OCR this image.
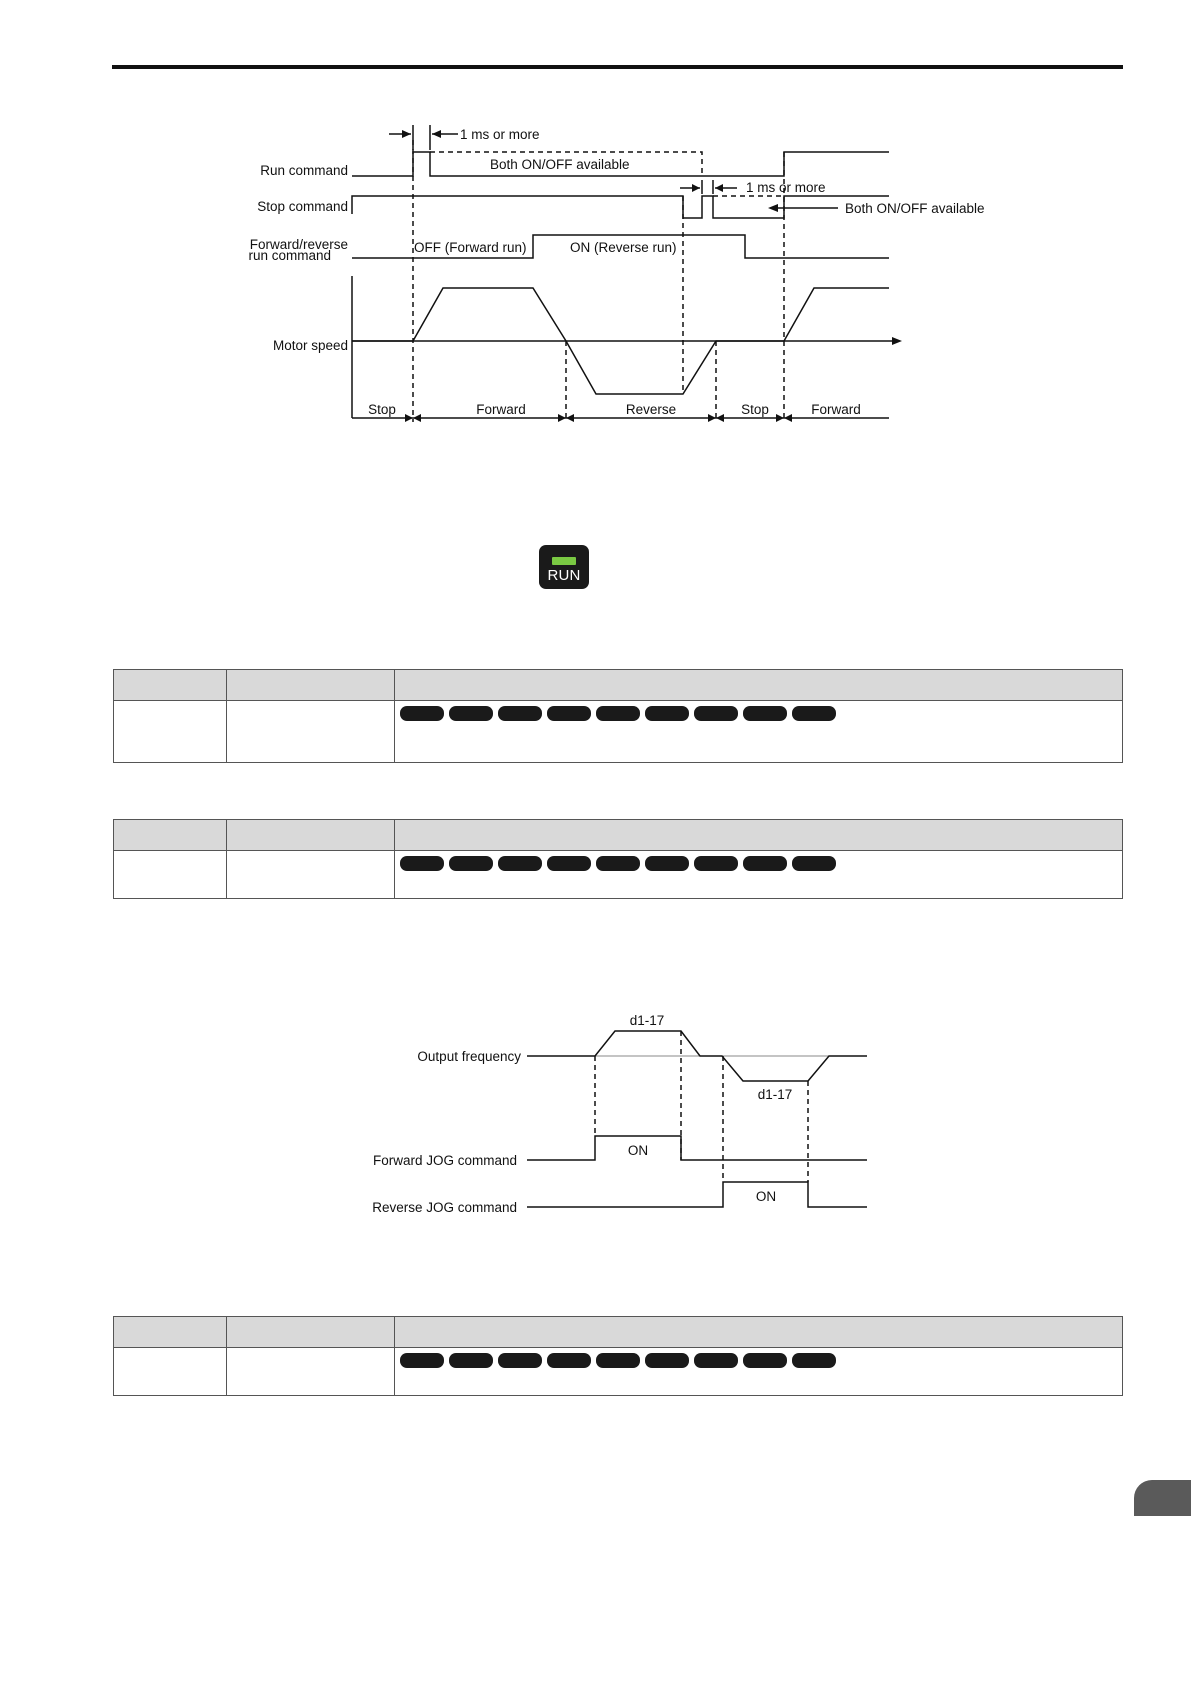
Run command
Stop command
Forward/reverse
run command
Motor speed
1 ms or more
1 ms or more
Both ON/OFF available
Both ON/OFF available
OFF (Forward run)	ON (Reverse run)
Stop	Forward	Reverse	Stop	Forward
RUN

Output frequency
Forward JOG command
Reverse JOG command
d1-17
d1-17
ON
ON
